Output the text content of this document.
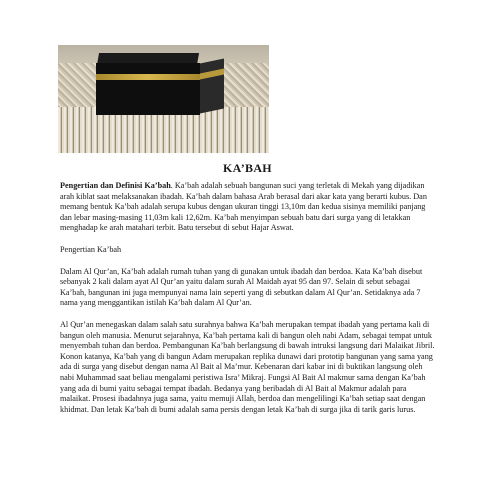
KA’BAH

Pengertian dan Definisi Ka’bah. Ka’bah adalah sebuah bangunan suci yang terletak di Mekah yang dijadikan arah kiblat saat melaksanakan ibadah. Ka’bah dalam bahasa Arab berasal dari akar kata yang berarti kubus. Dan memang bentuk Ka’bah adalah serupa kubus dengan ukuran tinggi 13,10m dan kedua sisinya memiliki panjang dan lebar masing-masing 11,03m kali 12,62m. Ka’bah menyimpan sebuah batu dari surga yang di letakkan menghadap ke arah matahari terbit. Batu tersebut di sebut Hajar Aswat.

Pengertian Ka’bah

Dalam Al Qur’an, Ka’bah adalah rumah tuhan yang di gunakan untuk ibadah dan berdoa. Kata Ka’bah disebut sebanyak 2 kali dalam ayat Al Qur’an yaitu dalam surah Al Maidah ayat 95 dan 97. Selain di sebut sebagai Ka’bah, bangunan ini juga mempunyai nama lain seperti yang di sebutkan dalam Al Qur’an. Setidaknya ada 7 nama yang menggantikan istilah Ka’bah dalam Al Qur’an.

Al Qur’an menegaskan dalam salah satu surahnya bahwa Ka’bah merupakan tempat ibadah yang pertama kali di bangun oleh manusia. Menurut sejarahnya, Ka’bah pertama kali di bangun oleh nabi Adam, sebagai tempat untuk menyembah tuhan dan berdoa. Pembangunan Ka’bah berlangsung di bawah intruksi langsung dari Malaikat Jibril. Konon katanya, Ka’bah yang di bangun Adam merupakan replika dunawi dari prototip bangunan yang sama yang ada di surga yang disebut dengan nama Al Bait al Ma’mur. Kebenaran dari kabar ini di buktikan langsung oleh nabi Muhammad saat beliau mengalami peristiwa Isra’ Mikraj. Fungsi Al Bait Al makmur sama dengan Ka’bah yang ada di bumi yaitu sebagai tempat ibadah. Bedanya yang beribadah di Al Bait al Makmur adalah para malaikat. Prosesi ibadahnya juga sama, yaitu memuji Allah, berdoa dan mengelilingi Ka’bah setiap saat dengan khidmat. Dan letak Ka’bah di bumi adalah sama persis dengan letak Ka’bah di surga jika di tarik garis lurus.
